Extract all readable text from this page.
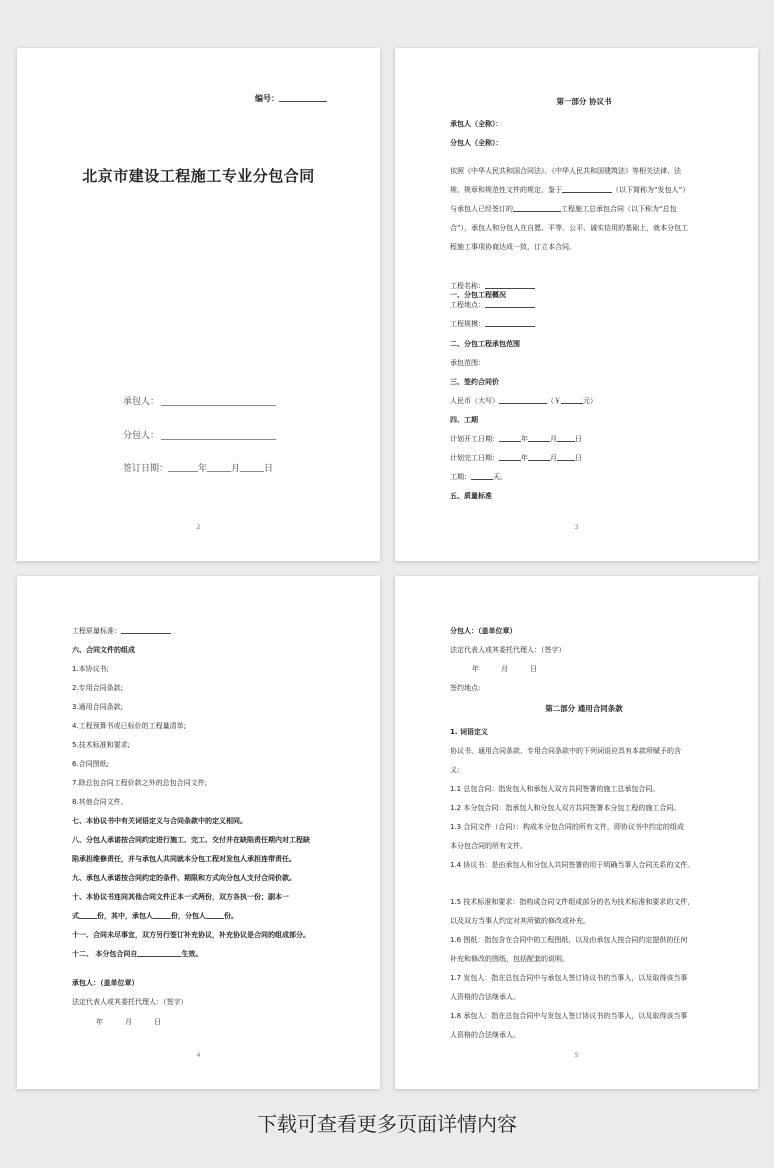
编号：
北京市建设工程施工专业分包合同
承包人：
分包人：
签订日期：	年	月	日
2
第一部分 协议书
承包人（全称）：
分包人（全称）：
依照《中华人民共和国合同法》、《中华人民共和国建筑法》等相关法律、法
规、规章和规范性文件的规定，鉴于	（以下简称为“发包人”）
与承包人已经签订的	工程施工总承包合同（以下称为“总包
合”），承包人和分包人在自愿、平等、公平、诚实信用的基础上，就本分包工
程施工事项协商达成一致，订立本合同。
一、分包工程概况
工程名称：
工程地点：
工程规模：
二、分包工程承包范围
承包范围：
三、签约合同价
人民币（大写）	（￥	元）
四、工期
计划开工日期：	年	月	日
计划完工日期：	年	月	日
工期：	天。
五、质量标准
3
工程质量标准：
六、合同文件的组成
1.本协议书;
2.专用合同条款;
3.通用合同条款;
4.工程预算书或已标价的工程量清单;
5.技术标准和要求;
6.合同图纸;
7.除总包合同工程价款之外的总包合同文件;
8.其他合同文件。
七、本协议书中有关词语定义与合同条款中的定义相同。
八、分包人承诺按合同约定进行施工、完工、交付并在缺陷责任期内对工程缺
陷承担维修责任，并与承包人共同就本分包工程对发包人承担连带责任。
九、承包人承诺按合同约定的条件、期限和方式向分包人支付合同价款。
十、本协议书连同其他合同文件正本一式两份，双方各执一份；副本一
式	份，其中，承包人	份，分包人	份。
十一、合同未尽事宜，双方另行签订补充协议，补充协议是合同的组成部分。
十二、 本分包合同自	生效。
承包人：（盖单位章）
法定代表人或其委托代理人：（签字）
年	月	日
4
分包人：（盖单位章）
法定代表人或其委托代理人：（签字）
年	月	日
签约地点:
第二部分 通用合同条款
1. 词语定义
协议书、通用合同条款、专用合同条款中的下列词语应具有本款所赋予的含
义:
1.1 总包合同：指发包人和承包人双方共同签署的施工总承包合同。
1.2 本分包合同：指承包人和分包人双方共同签署本分包工程的施工合同。
1.3 合同文件（合同）：构成本分包合同的所有文件，即协议书中约定的组成
本分包合同的所有文件。
1.4 协议书：是由承包人和分包人共同签署的用于明确当事人合同关系的文件。
1.5 技术标准和要求：指构成合同文件组成部分的名为技术标准和要求的文件，
以及双方当事人约定对其所做的修改或补充。
1.6 图纸：指包含在合同中的工程图纸，以及由承包人按合同约定提供的任何
补充和修改的图纸，包括配套的说明。
1.7 发包人：指在总包合同中与承包人签订协议书的当事人，以及取得该当事
人资格的合法继承人。
1.8 承包人：指在总包合同中与发包人签订协议书的当事人，以及取得该当事
人资格的合法继承人。
5
下载可查看更多页面详情内容
